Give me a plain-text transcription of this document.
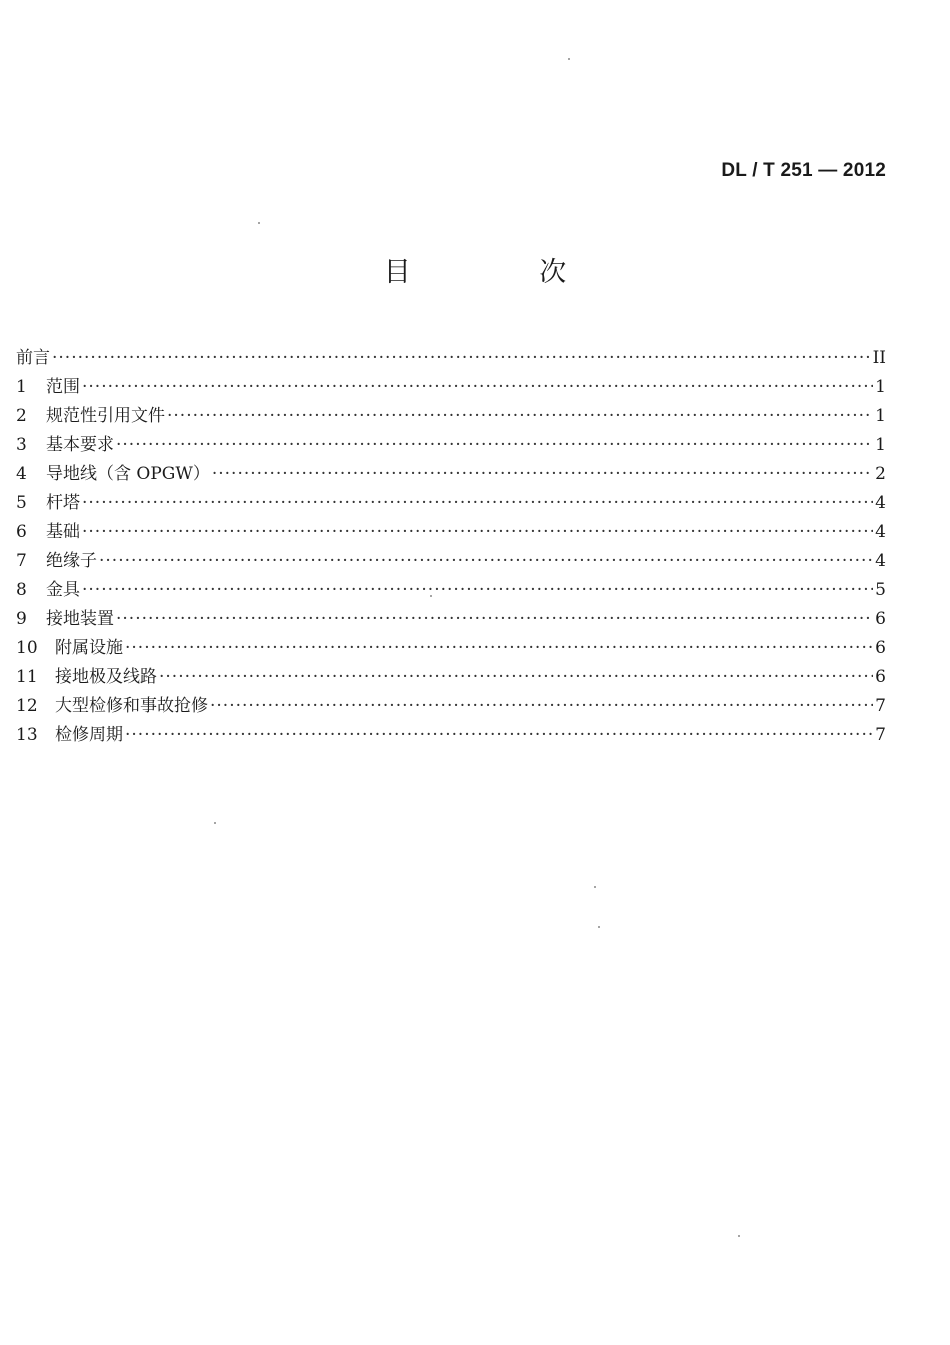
DL / T 251 — 2012
目 次
前言 ·····	II
1	范围 ·····	1
2	规范性引用文件 ·····	1
3	基本要求 ·····	1
4	导地线（含 OPGW） ·····	2
5	杆塔 ·····	4
6	基础 ·····	4
7	绝缘子 ·····	4
8	金具 ·····	5
9	接地装置 ·····	6
10	附属设施 ·····	6
11	接地极及线路 ·····	6
12	大型检修和事故抢修 ·····	7
13	检修周期 ·····	7
